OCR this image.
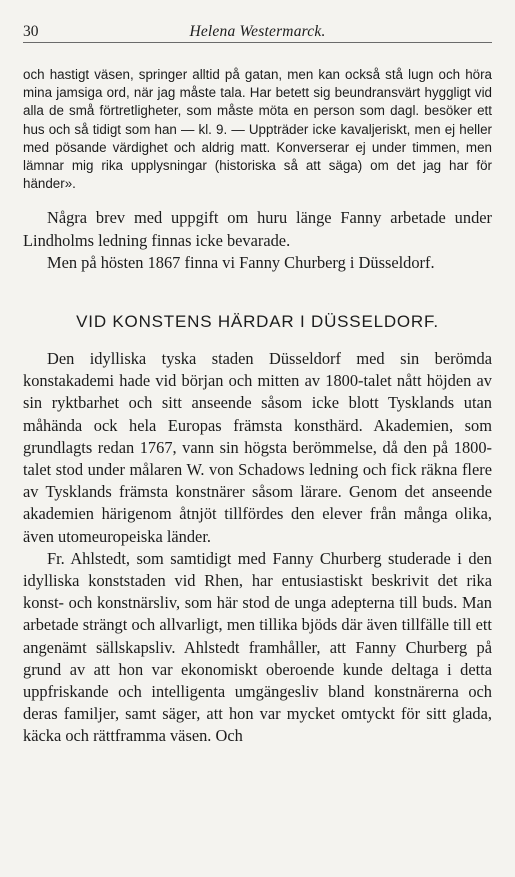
30	Helena Westermarck.
och hastigt väsen, springer alltid på gatan, men kan också stå lugn och höra mina jamsiga ord, när jag måste tala. Har betett sig beundransvärt hyggligt vid alla de små förtretligheter, som måste möta en person som dagl. besöker ett hus och så tidigt som han — kl. 9. — Uppträder icke kavaljeriskt, men ej heller med pösande värdighet och aldrig matt. Konverserar ej under timmen, men lämnar mig rika upplysningar (historiska så att säga) om det jag har för händer».

Några brev med uppgift om huru länge Fanny arbetade under Lindholms ledning finnas icke bevarade.

Men på hösten 1867 finna vi Fanny Churberg i Düsseldorf.

VID KONSTENS HÄRDAR I DÜSSELDORF.

Den idylliska tyska staden Düsseldorf med sin berömda konstakademi hade vid början och mitten av 1800-talet nått höjden av sin ryktbarhet och sitt anseende såsom icke blott Tysklands utan måhända ock hela Europas främsta konsthärd. Akademien, som grundlagts redan 1767, vann sin högsta berömmelse, då den på 1800-talet stod under målaren W. von Schadows ledning och fick räkna flere av Tysklands främsta konstnärer såsom lärare. Genom det anseende akademien härigenom åtnjöt tillfördes den elever från många olika, även utomeuropeiska länder.

Fr. Ahlstedt, som samtidigt med Fanny Churberg studerade i den idylliska konststaden vid Rhen, har entusiastiskt beskrivit det rika konst- och konstnärsliv, som här stod de unga adepterna till buds. Man arbetade strängt och allvarligt, men tillika bjöds där även tillfälle till ett angenämt sällskapsliv. Ahlstedt framhåller, att Fanny Churberg på grund av att hon var ekonomiskt oberoende kunde deltaga i detta uppfriskande och intelligenta umgängesliv bland konstnärerna och deras familjer, samt säger, att hon var mycket omtyckt för sitt glada, käcka och rättframma väsen. Och
